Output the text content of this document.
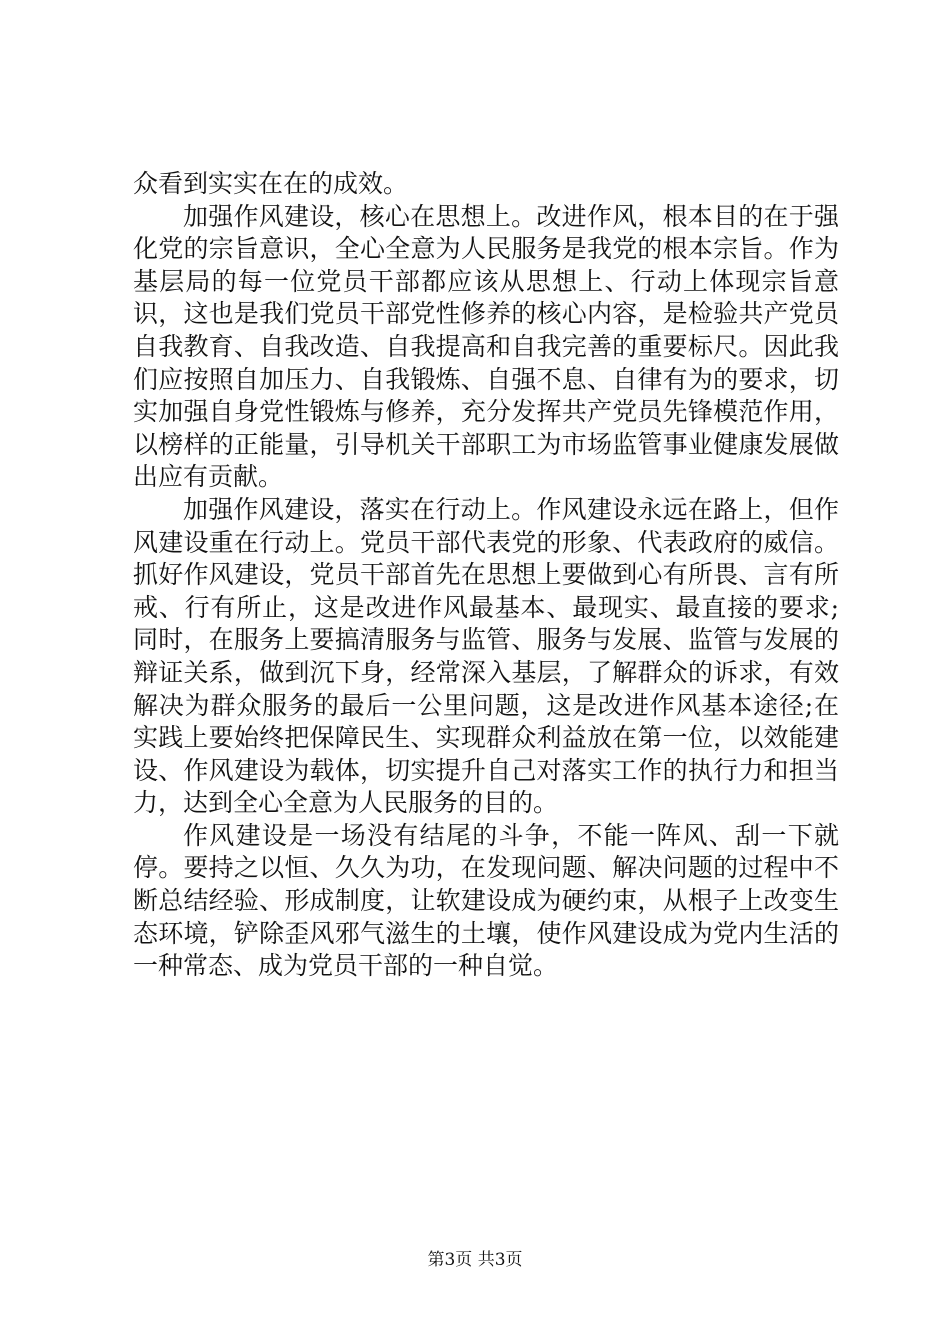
众看到实实在在的成效。

加强作风建设，核心在思想上。改进作风，根本目的在于强化党的宗旨意识，全心全意为人民服务是我党的根本宗旨。作为基层局的每一位党员干部都应该从思想上、行动上体现宗旨意识，这也是我们党员干部党性修养的核心内容，是检验共产党员自我教育、自我改造、自我提高和自我完善的重要标尺。因此我们应按照自加压力、自我锻炼、自强不息、自律有为的要求，切实加强自身党性锻炼与修养，充分发挥共产党员先锋模范作用，以榜样的正能量，引导机关干部职工为市场监管事业健康发展做出应有贡献。

加强作风建设，落实在行动上。作风建设永远在路上，但作风建设重在行动上。党员干部代表党的形象、代表政府的威信。抓好作风建设，党员干部首先在思想上要做到心有所畏、言有所戒、行有所止，这是改进作风最基本、最现实、最直接的要求;同时，在服务上要搞清服务与监管、服务与发展、监管与发展的辩证关系，做到沉下身，经常深入基层，了解群众的诉求，有效解决为群众服务的最后一公里问题，这是改进作风基本途径;在实践上要始终把保障民生、实现群众利益放在第一位，以效能建设、作风建设为载体，切实提升自己对落实工作的执行力和担当力，达到全心全意为人民服务的目的。

作风建设是一场没有结尾的斗争，不能一阵风、刮一下就停。要持之以恒、久久为功，在发现问题、解决问题的过程中不断总结经验、形成制度，让软建设成为硬约束，从根子上改变生态环境，铲除歪风邪气滋生的土壤，使作风建设成为党内生活的一种常态、成为党员干部的一种自觉。

第3页 共3页
